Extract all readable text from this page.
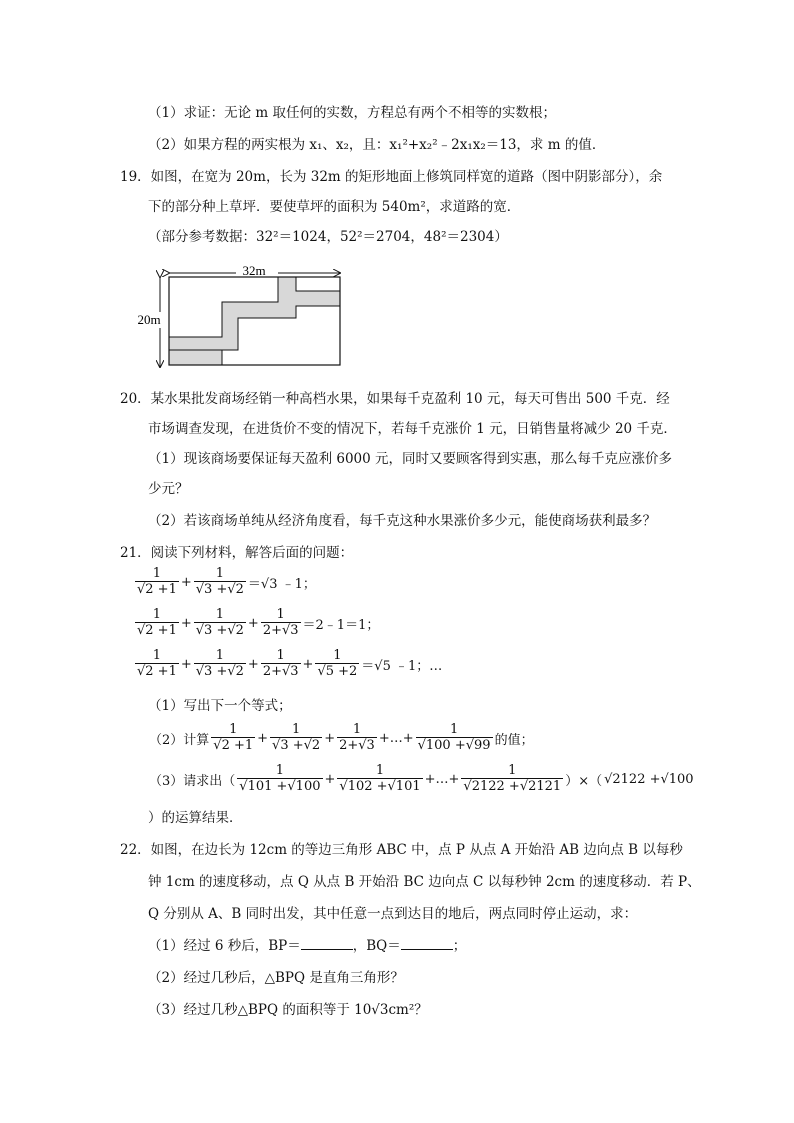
（1）求证：无论 m 取任何的实数，方程总有两个不相等的实数根；
（2）如果方程的两实根为 x₁、x₂，且：x₁²+x₂²﹣2x₁x₂＝13，求 m 的值．
19．如图，在宽为 20m，长为 32m 的矩形地面上修筑同样宽的道路（图中阴影部分），余
下的部分种上草坪．要使草坪的面积为 540m²，求道路的宽．
（部分参考数据：32²＝1024，52²＝2704，48²＝2304）
32m
20m
20．某水果批发商场经销一种高档水果，如果每千克盈利 10 元，每天可售出 500 千克．经
市场调查发现，在进货价不变的情况下，若每千克涨价 1 元，日销售量将减少 20 千克．
（1）现该商场要保证每天盈利 6000 元，同时又要顾客得到实惠，那么每千克应涨价多
少元？
（2）若该商场单纯从经济角度看，每千克这种水果涨价多少元，能使商场获利最多？
21．阅读下列材料，解答后面的问题：
$\frac{1}{√2 +1} + \frac{1}{√3 +√2} =√3$ ﹣1；
$\frac{1}{√2 +1} + \frac{1}{√3 +√2} + \frac{1}{2+√3}$ ＝2﹣1＝1；
$\frac{1}{√2 +1} + \frac{1}{√3 +√2} + \frac{1}{2+√3} + \frac{1}{√5 +2} =√5$ ﹣1；…
（1）写出下一个等式；
（2）计算 $\frac{1}{√2 +1} + \frac{1}{√3 +√2} + \frac{1}{2+√3}$ +…+ $\frac{1}{√100 +√99}$ 的值；
（3）请求出（ $\frac{1}{√101 +√100} + \frac{1}{√102 +√101}$ +…+ $\frac{1}{√2122 +√2121}$ ）×（ √2122 +√100
）的运算结果．
22．如图，在边长为 12cm 的等边三角形 ABC 中，点 P 从点 A 开始沿 AB 边向点 B 以每秒
钟 1cm 的速度移动，点 Q 从点 B 开始沿 BC 边向点 C 以每秒钟 2cm 的速度移动．若 P、
Q 分别从 A、B 同时出发，其中任意一点到达目的地后，两点同时停止运动，求：
（1）经过 6 秒后，BP＝	，BQ＝	；
（2）经过几秒后，△BPQ 是直角三角形？
（3）经过几秒△BPQ 的面积等于 10√3cm²？
